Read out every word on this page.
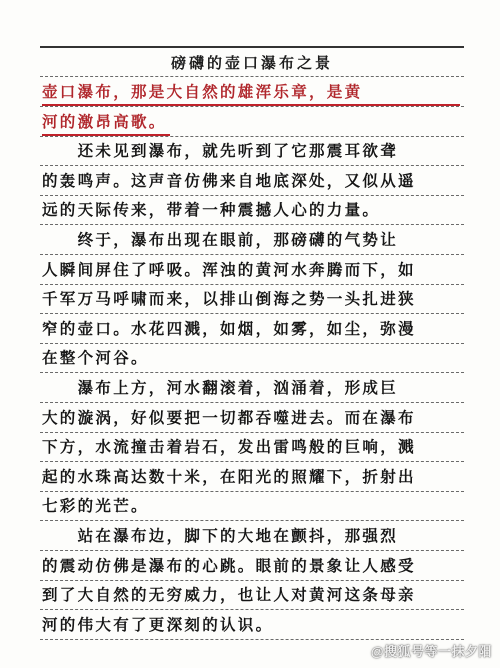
磅礴的壶口瀑布之景
壶口瀑布，那是大自然的雄浑乐章，是黄
河的激昂高歌。
　　还未见到瀑布，就先听到了它那震耳欲聋
的轰鸣声。这声音仿佛来自地底深处，又似从遥
远的天际传来，带着一种震撼人心的力量。
　　终于，瀑布出现在眼前，那磅礴的气势让
人瞬间屏住了呼吸。浑浊的黄河水奔腾而下，如
千军万马呼啸而来，以排山倒海之势一头扎进狭
窄的壶口。水花四溅，如烟，如雾，如尘，弥漫
在整个河谷。
　　瀑布上方，河水翻滚着，汹涌着，形成巨
大的漩涡，好似要把一切都吞噬进去。而在瀑布
下方，水流撞击着岩石，发出雷鸣般的巨响，溅
起的水珠高达数十米，在阳光的照耀下，折射出
七彩的光芒。
　　站在瀑布边，脚下的大地在颤抖，那强烈
的震动仿佛是瀑布的心跳。眼前的景象让人感受
到了大自然的无穷威力，也让人对黄河这条母亲
河的伟大有了更深刻的认识。
@搜狐号等一抹夕阳
